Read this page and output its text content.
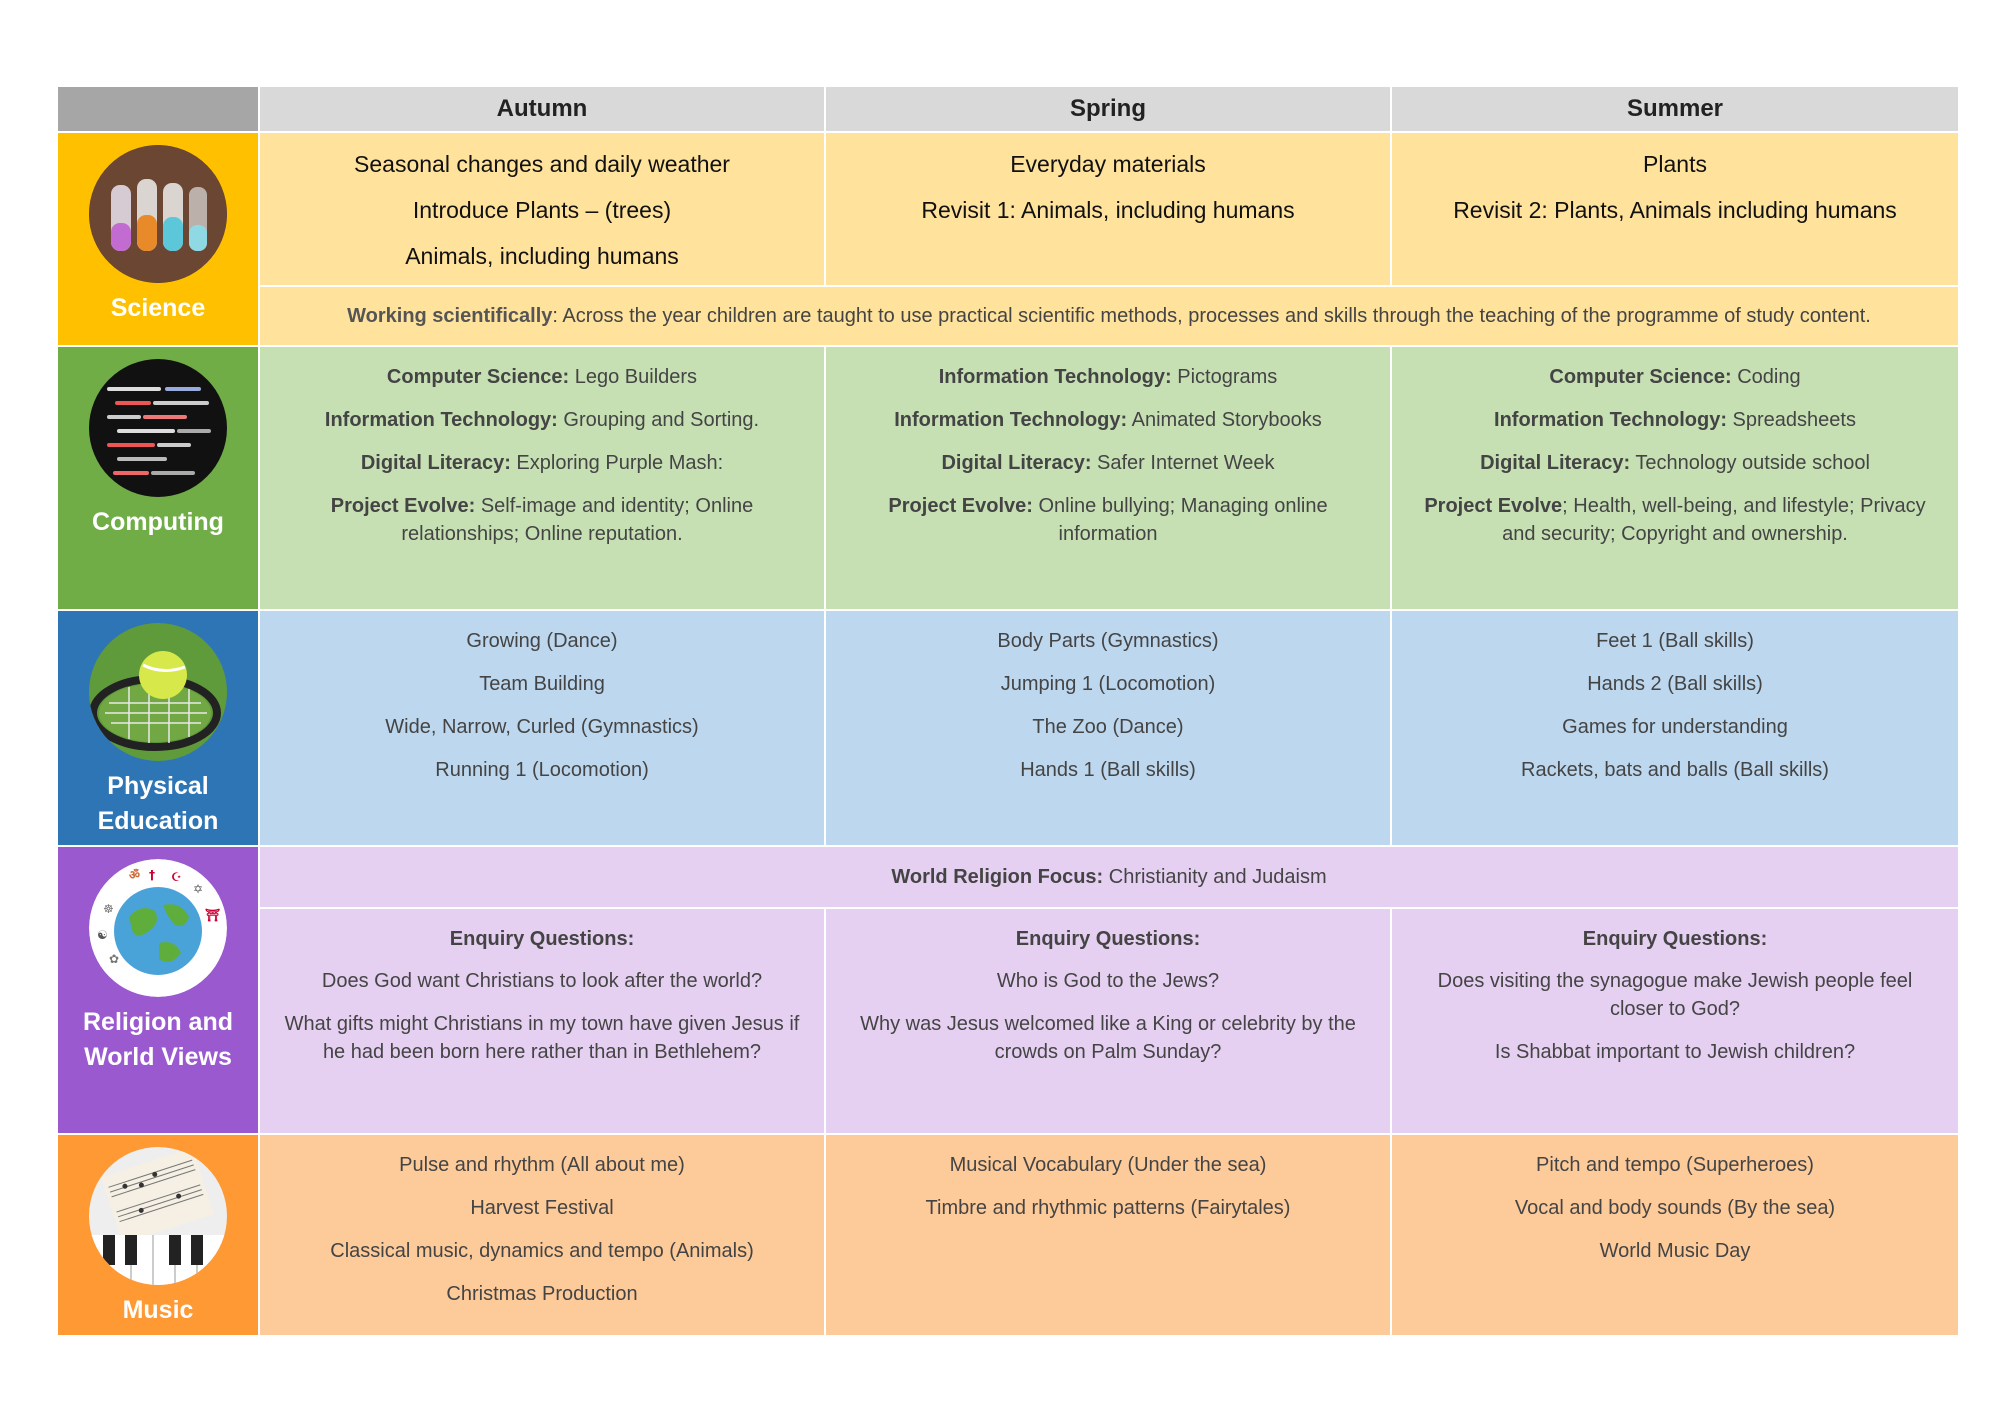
Autumn	Spring	Summer
Science
Seasonal changes and daily weather
Introduce Plants – (trees)
Animals, including humans
Everyday materials
Revisit 1: Animals, including humans
Plants
Revisit 2: Plants, Animals including humans
Working scientifically: Across the year children are taught to use practical scientific methods, processes and skills through the teaching of the programme of study content.
Computing
Computer Science: Lego Builders
Information Technology: Grouping and Sorting.
Digital Literacy: Exploring Purple Mash:
Project Evolve: Self-image and identity; Online relationships; Online reputation.
Information Technology: Pictograms
Information Technology: Animated Storybooks
Digital Literacy: Safer Internet Week
Project Evolve: Online bullying; Managing online information
Computer Science: Coding
Information Technology: Spreadsheets
Digital Literacy: Technology outside school
Project Evolve; Health, well-being, and lifestyle; Privacy and security; Copyright and ownership.
Physical
Education
Growing (Dance)
Team Building
Wide, Narrow, Curled (Gymnastics)
Running 1 (Locomotion)
Body Parts (Gymnastics)
Jumping 1 (Locomotion)
The Zoo (Dance)
Hands 1 (Ball skills)
Feet 1 (Ball skills)
Hands 2 (Ball skills)
Games for understanding
Rackets, bats and balls (Ball skills)
† ☪
✡
⛩
☸
☯
✿
ॐ
Religion and
World Views
World Religion Focus: Christianity and Judaism
Enquiry Questions:
Does God want Christians to look after the world?
What gifts might Christians in my town have given Jesus if he had been born here rather than in Bethlehem?
Enquiry Questions:
Who is God to the Jews?
Why was Jesus welcomed like a King or celebrity by the crowds on Palm Sunday?
Enquiry Questions:
Does visiting the synagogue make Jewish people feel closer to God?
Is Shabbat important to Jewish children?
Music
Pulse and rhythm (All about me)
Harvest Festival
Classical music, dynamics and tempo (Animals)
Christmas Production
Musical Vocabulary (Under the sea)
Timbre and rhythmic patterns (Fairytales)
Pitch and tempo (Superheroes)
Vocal and body sounds (By the sea)
World Music Day
